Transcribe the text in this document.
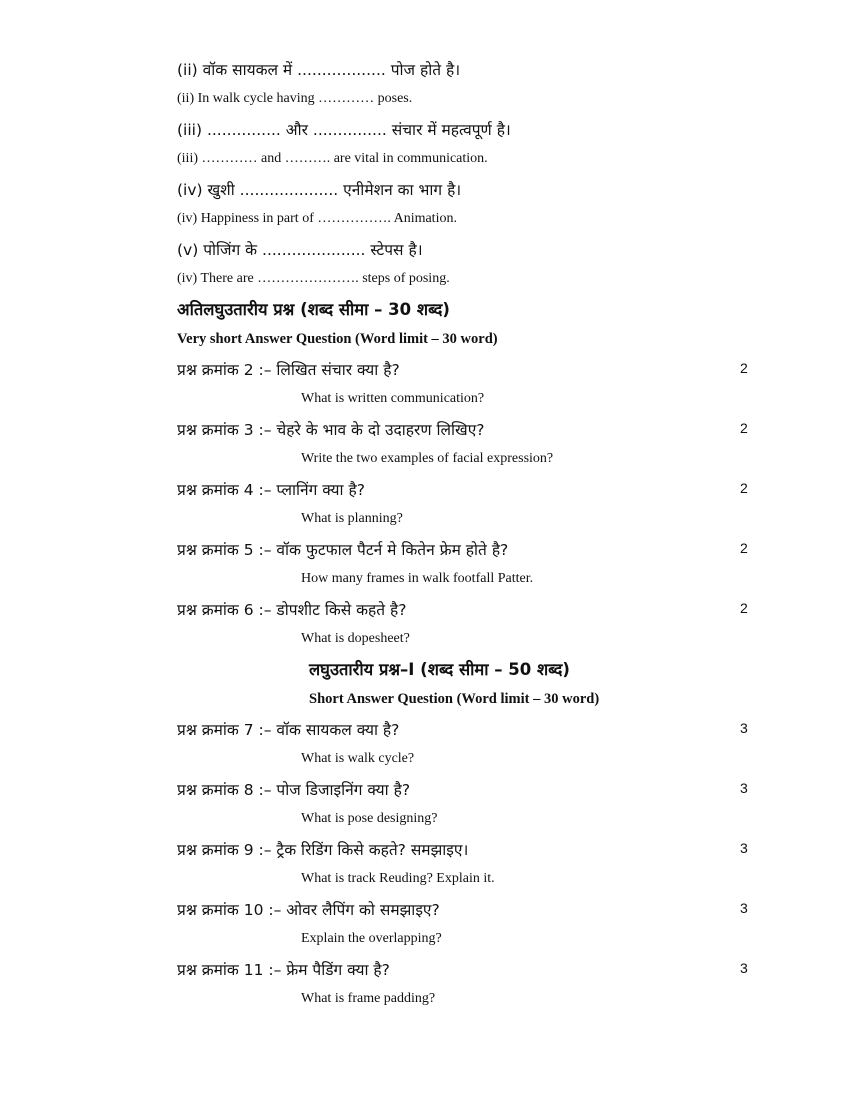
(ii) वॉक सायकल में .................. पोज होते है।
(ii) In walk cycle having ………… poses.
(iii) ............... और ............... संचार में महत्वपूर्ण है।
(iii) ………… and ………. are vital in communication.
(iv) खुशी .................... एनीमेशन का भाग है।
(iv) Happiness in part of ……………. Animation.
(v) पोजिंग के ..................... स्टेपस है।
(iv) There are …………………. steps of posing.
अतिलघुउतारीय प्रश्न (शब्द सीमा – 30 शब्द)
Very short Answer Question (Word limit – 30 word)
प्रश्न क्रमांक 2 :– लिखित संचार क्या है?	2
What is written communication?
प्रश्न क्रमांक 3 :– चेहरे के भाव के दो उदाहरण लिखिए?	2
Write the two examples of facial expression?
प्रश्न क्रमांक 4 :– प्लानिंग क्या है?	2
What is planning?
प्रश्न क्रमांक 5 :– वॉक फुटफाल पैटर्न मे कितेन फ्रेम होते है?	2
How many frames in walk footfall Patter.
प्रश्न क्रमांक 6 :– डोपशीट किसे कहते है?	2
What is dopesheet?
लघुउतारीय प्रश्न–I (शब्द सीमा – 50 शब्द)
Short Answer Question (Word limit – 30 word)
प्रश्न क्रमांक 7 :– वॉक सायकल क्या है?	3
What is walk cycle?
प्रश्न क्रमांक 8 :– पोज डिजाइनिंग क्या है?	3
What is pose designing?
प्रश्न क्रमांक 9 :– ट्रैक रिडिंग किसे कहते? समझाइए।	3
What is track Reuding? Explain it.
प्रश्न क्रमांक 10 :– ओवर लैपिंग को समझाइए?	3
Explain the overlapping?
प्रश्न क्रमांक 11 :– फ्रेम पैडिंग क्या है?	3
What is frame padding?
